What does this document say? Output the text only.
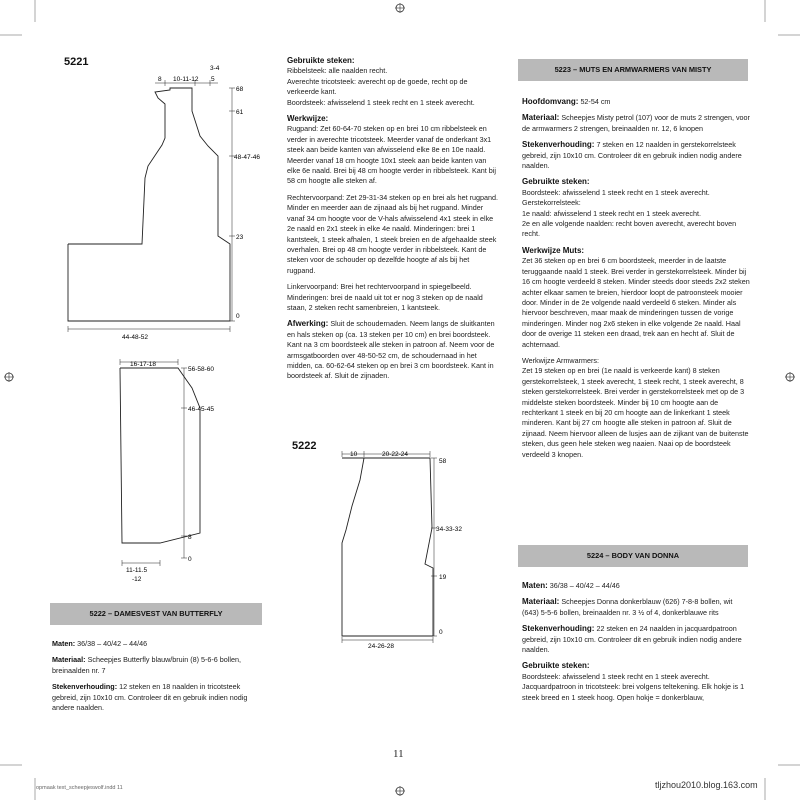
5221
8 10-11-12 5
3-4
68
61
48-47-46
23
0
44-48-52
16-17-18
56-58-60
46-45-45
8
0
11-11.5
-12
5222 – DAMESVEST VAN BUTTERFLY

Maten: 36/38 – 40/42 – 44/46

Materiaal: Scheepjes Butterfly blauw/bruin (8) 5-6-6 bollen, breinaalden nr. 7

Stekenverhouding: 12 steken en 18 naalden in tricotsteek gebreid, zijn 10x10 cm. Controleer dit en gebruik indien nodig andere naalden.

Gebruikte steken:
Ribbelsteek: alle naalden recht.
Averechte tricotsteek: averecht op de goede, recht op de verkeerde kant.
Boordsteek: afwisselend 1 steek recht en 1 steek averecht.

Werkwijze:
Rugpand: Zet 60-64-70 steken op en brei 10 cm ribbelsteek en verder in averechte tricotsteek. Meerder vanaf de onderkant 3x1 steek aan beide kanten van afwisselend elke 8e en 10e naald. Meerder vanaf 18 cm hoogte 10x1 steek aan beide kanten van elke 6e naald. Brei bij 48 cm hoogte verder in ribbelsteek. Kant bij 58 cm hoogte alle steken af.

Rechtervoorpand: Zet 29-31-34 steken op en brei als het rugpand. Minder en meerder aan de zijnaad als bij het rugpand. Minder vanaf 34 cm hoogte voor de V-hals afwisselend 4x1 steek in elke 2e naald en 2x1 steek in elke 4e naald. Minderingen: brei 1 kantsteek, 1 steek afhalen, 1 steek breien en de afgehaalde steek overhalen. Brei op 48 cm hoogte verder in ribbelsteek. Kant de steken voor de schouder op dezelfde hoogte af als bij het rugpand.

Linkervoorpand: Brei het rechtervoorpand in spiegelbeeld. Minderingen: brei de naald uit tot er nog 3 steken op de naald staan, 2 steken recht samenbreien, 1 kantsteek.

Afwerking: Sluit de schoudernaden. Neem langs de sluitkanten en hals steken op (ca. 13 steken per 10 cm) en brei boordsteek. Kant na 3 cm boordsteek alle steken in patroon af. Neem voor de armsgatboorden over 48-50-52 cm, de schoudernaad in het midden, ca. 60-62-64 steken op en brei 3 cm boordsteek. Kant in boordsteek af. Sluit de zijnaden.

5222
10	20-22-24
58
34-33-32
19
0
24-26-28
5223 – MUTS EN ARMWARMERS VAN MISTY

Hoofdomvang: 52-54 cm

Materiaal: Scheepjes Misty petrol (107) voor de muts 2 strengen, voor de armwarmers 2 strengen, breinaalden nr. 12, 6 knopen

Stekenverhouding: 7 steken en 12 naalden in gerstekorrelsteek gebreid, zijn 10x10 cm. Controleer dit en gebruik indien nodig andere naalden.

Gebruikte steken:
Boordsteek: afwisselend 1 steek recht en 1 steek averecht.
Gerstekorrelsteek:
1e naald: afwisselend 1 steek recht en 1 steek averecht.
2e en alle volgende naalden: recht boven averecht, averecht boven recht.

Werkwijze Muts:
Zet 36 steken op en brei 6 cm boordsteek, meerder in de laatste teruggaande naald 1 steek. Brei verder in gerstekorrelsteek. Minder bij 16 cm hoogte verdeeld 8 steken. Minder steeds door steeds 2x2 steken achter elkaar samen te breien, hierdoor loopt de patroonsteek mooier door. Minder in de 2e volgende naald verdeeld 6 steken. Minder als hiervoor beschreven, maar maak de minderingen tussen de vorige minderingen. Minder nog 2x6 steken in elke volgende 2e naald. Haal door de overige 11 steken een draad, trek aan en hecht af. Sluit de achternaad.

Werkwijze Armwarmers:
Zet 19 steken op en brei (1e naald is verkeerde kant) 8 steken gerstekorrelsteek, 1 steek averecht, 1 steek recht, 1 steek averecht, 8 steken gerstekorrelsteek. Brei verder in gerstekorrelsteek met op de 3 middelste steken boordsteek. Minder bij 10 cm hoogte aan de rechterkant 1 steek en bij 20 cm hoogte aan de linkerkant 1 steek minderen. Kant bij 27 cm hoogte alle steken in patroon af. Sluit de zijnaad. Neem hiervoor alleen de lusjes aan de zijkant van de buitenste steken, dus geen hele steken weg naaien. Naai op de boordsteek verdeeld 3 knopen.

5224 – BODY VAN DONNA

Maten: 36/38 – 40/42 – 44/46

Materiaal: Scheepjes Donna donkerblauw (626) 7-8-8 bollen, wit (643) 5-5-6 bollen, breinaalden nr. 3 ½ of 4, donkerblauwe rits

Stekenverhouding: 22 steken en 24 naalden in jacquardpatroon gebreid, zijn 10x10 cm. Controleer dit en gebruik indien nodig andere naalden.

Gebruikte steken:
Boordsteek: afwisselend 1 steek recht en 1 steek averecht. Jacquardpatroon in tricotsteek: brei volgens teltekening. Elk hokje is 1 steek breed en 1 steek hoog. Open hokje = donkerblauw,

11
opmaak text_scheepjeswolf.indd 11	tljzhou2010.blog.163.com
